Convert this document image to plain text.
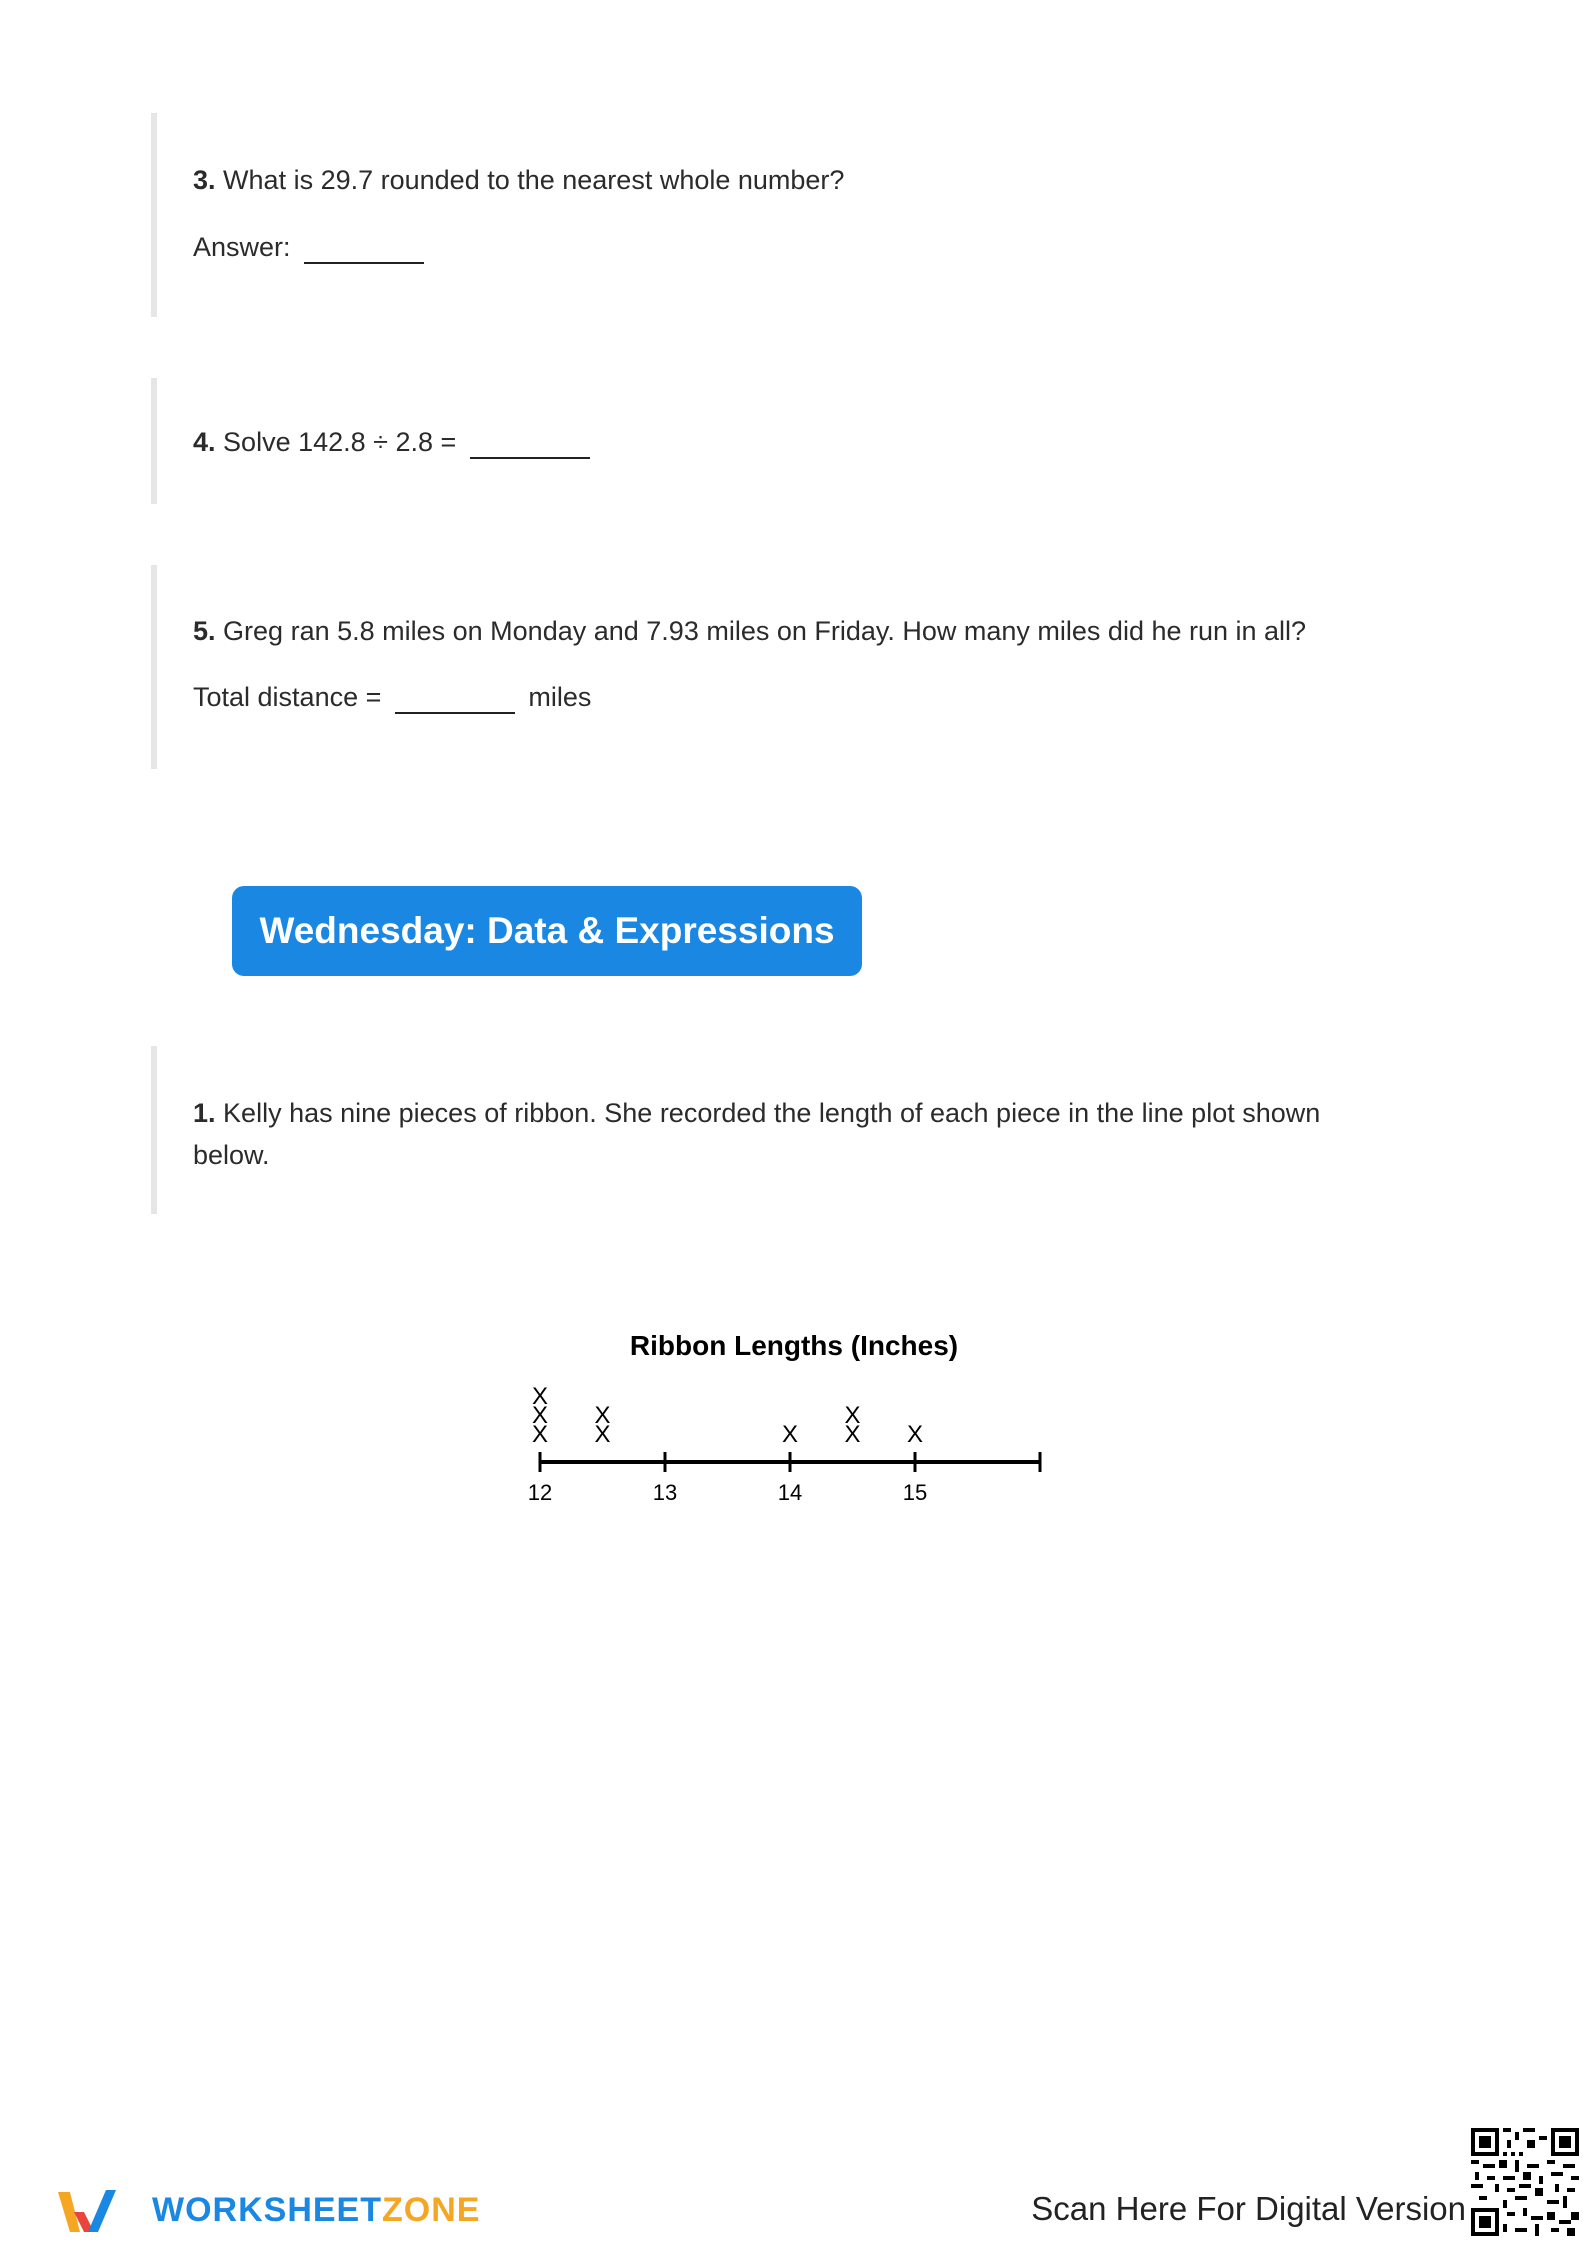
3. What is 29.7 rounded to the nearest whole number?
Answer:
4. Solve 142.8 ÷ 2.8 =
5. Greg ran 5.8 miles on Monday and 7.93 miles on Friday. How many miles did he run in all?
Total distance =	miles
Wednesday: Data & Expressions
1. Kelly has nine pieces of ribbon. She recorded the length of each piece in the line plot shown below.
Ribbon Lengths (Inches)
12	13	14	15
X
X
X
X
X
X X
X
X
WORKSHEETZONE	Scan Here For Digital Version
